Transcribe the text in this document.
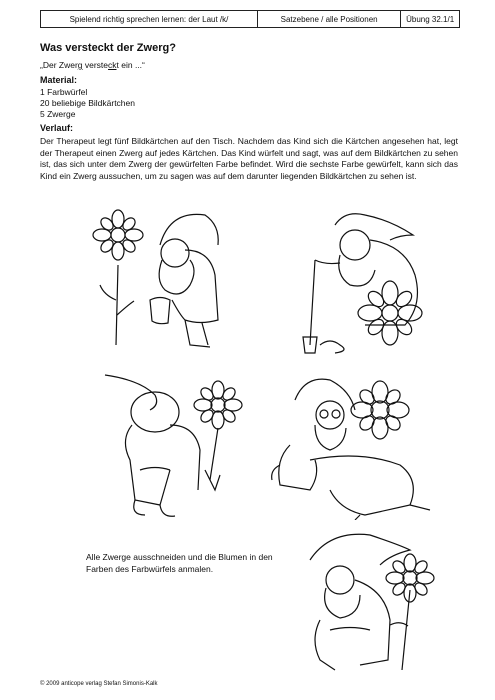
Spielend richtig sprechen lernen: der Laut /k/	Satzebene / alle Positionen	Übung 32.1/1
Was versteckt der Zwerg?
„Der Zwerg versteckt ein ...“
Material:
1 Farbwürfel
20 beliebige Bildkärtchen
5 Zwerge
Verlauf:
Der Therapeut legt fünf Bildkärtchen auf den Tisch. Nachdem das Kind sich die Kärtchen angesehen hat, legt der Therapeut einen Zwerg auf jedes Kärtchen. Das Kind würfelt und sagt, was auf dem Bildkärtchen zu sehen ist, das sich unter dem Zwerg der gewürfelten Farbe befindet. Wird die sechste Farbe gewürfelt, kann sich das Kind ein Zwerg aussuchen, um zu sagen was auf dem darunter liegenden Bildkärtchen zu sehen ist.
Alle Zwerge ausschneiden und die Blumen in den Farben des Farbwürfels anmalen.
© 2009 anticope verlag Stefan Simonis-Kalk
